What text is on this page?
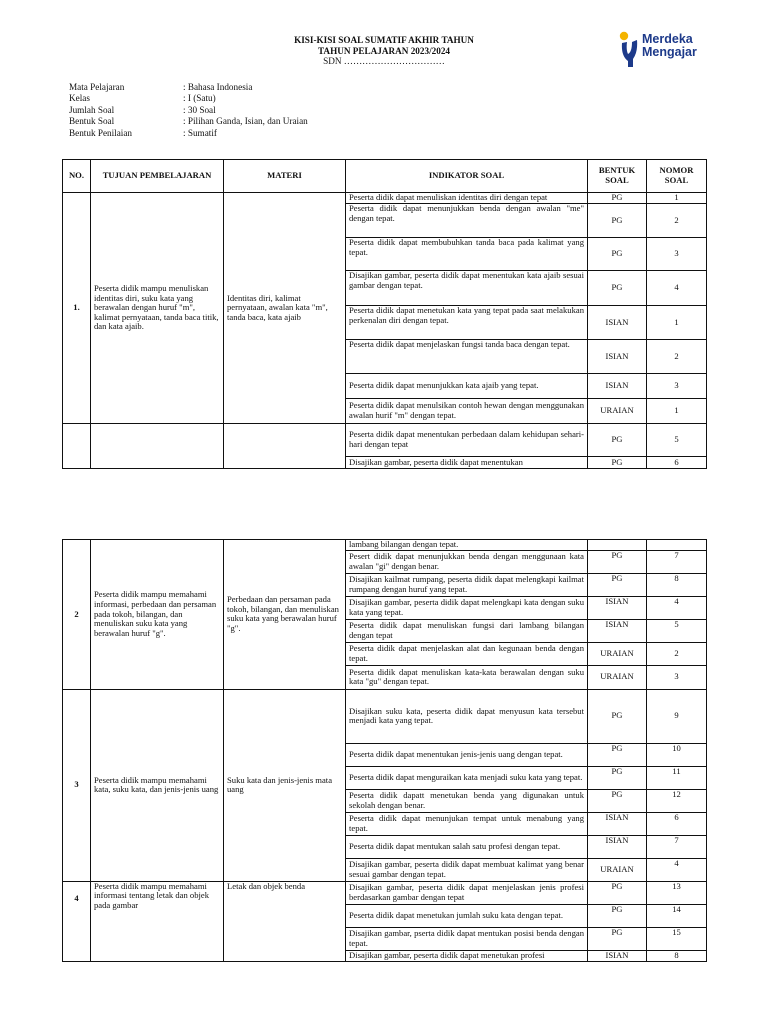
KISI-KISI SOAL SUMATIF AKHIR TAHUN
TAHUN PELAJARAN 2023/2024
SDN ……………………………
Merdeka
Mengajar
Mata Pelajaran	: Bahasa Indonesia
Kelas	: I (Satu)
Jumlah Soal	: 30 Soal
Bentuk Soal	: Pilihan Ganda, Isian, dan Uraian
Bentuk Penilaian	: Sumatif
NO.	TUJUAN PEMBELAJARAN	MATERI	INDIKATOR SOAL	BENTUK SOAL	NOMOR SOAL
1.	Peserta didik mampu menuliskan identitas diri, suku kata yang berawalan dengan huruf "m", kalimat pernyataan, tanda baca titik, dan kata ajaib.	Identitas diri, kalimat pernyataan, awalan kata "m", tanda baca, kata ajaib	Peserta didik dapat menuliskan identitas diri dengan tepat	PG	1
			Peserta didik dapat menunjukkan benda dengan awalan "me" dengan tepat.	PG	2
			Peserta didik dapat membubuhkan tanda baca pada kalimat yang tepat.	PG	3
			Disajikan gambar, peserta didik dapat menentukan kata ajaib sesuai gambar dengan tepat.	PG	4
			Peserta didik dapat menetukan kata yang tepat pada saat melakukan perkenalan diri dengan tepat.	ISIAN	1
			Peserta didik dapat menjelaskan fungsi tanda baca dengan tepat.	ISIAN	2
			Peserta didik dapat menunjukkan kata ajaib yang tepat.	ISIAN	3
			Peserta didik dapat menulsikan contoh hewan dengan menggunakan awalan hurif "m" dengan tepat.	URAIAN	1
			Peserta didik dapat menentukan perbedaan dalam kehidupan sehari-hari dengan tepat	PG	5
			Disajikan gambar, peserta didik dapat menentukan	PG	6
2	Peserta didik mampu memahami informasi, perbedaan dan persaman pada tokoh, bilangan, dan menuliskan suku kata yang berawalan huruf "g".	Perbedaan dan persaman pada tokoh, bilangan, dan menuliskan suku kata yang berawalan huruf "g".	lambang bilangan dengan tepat.		
			Pesert didik dapat menunjukkan benda dengan menggunaan kata awalan "gi" dengan benar.	PG	7
			Disajikan kailmat rumpang, peserta didik dapat melengkapi kailmat rumpang dengan huruf yang tepat.	PG	8
			Disajikan gambar, peserta didik dapat melengkapi kata dengan suku kata yang tepat.	ISIAN	4
			Peserta didik dapat menuliskan fungsi dari lambang bilangan dengan tepat	ISIAN	5
			Peserta didik dapat menjelaskan alat dan kegunaan benda dengan tepat.	URAIAN	2
			Peserta didik dapat menuliskan kata-kata berawalan dengan suku kata "gu" dengan tepat.	URAIAN	3
3	Peserta didik mampu memahami kata, suku kata, dan jenis-jenis uang	Suku kata dan jenis-jenis mata uang	Disajikan suku kata, peserta didik dapat menyusun kata tersebut menjadi kata yang tepat.	PG	9
			Peserta didik dapat menentukan jenis-jenis uang dengan tepat.	PG	10
			Peserta didik dapat menguraikan kata menjadi suku kata yang tepat.	PG	11
			Peserta didik dapatt menetukan benda yang digunakan untuk sekolah dengan benar.	PG	12
			Peserta didik dapat menunjukan tempat untuk menabung yang tepat.	ISIAN	6
			Peserta didik dapat mentukan salah satu profesi dengan tepat.	ISIAN	7
			Disajikan gambar, peserta didik dapat membuat kalimat yang benar sesuai gambar dengan tepat.	URAIAN	4
4	Peserta didik mampu memahami informasi tentang letak dan objek pada gambar	Letak dan objek benda	Disajikan gambar, peserta didik dapat menjelaskan jenis profesi berdasarkan gambar dengan tepat	PG	13
			Peserta didik dapat menetukan jumlah suku kata dengan tepat.	PG	14
			Disajikan gambar, pserta didik dapat mentukan posisi benda dengan tepat.	PG	15
			Disajikan gambar, peserta didik dapat menetukan profesi	ISIAN	8
